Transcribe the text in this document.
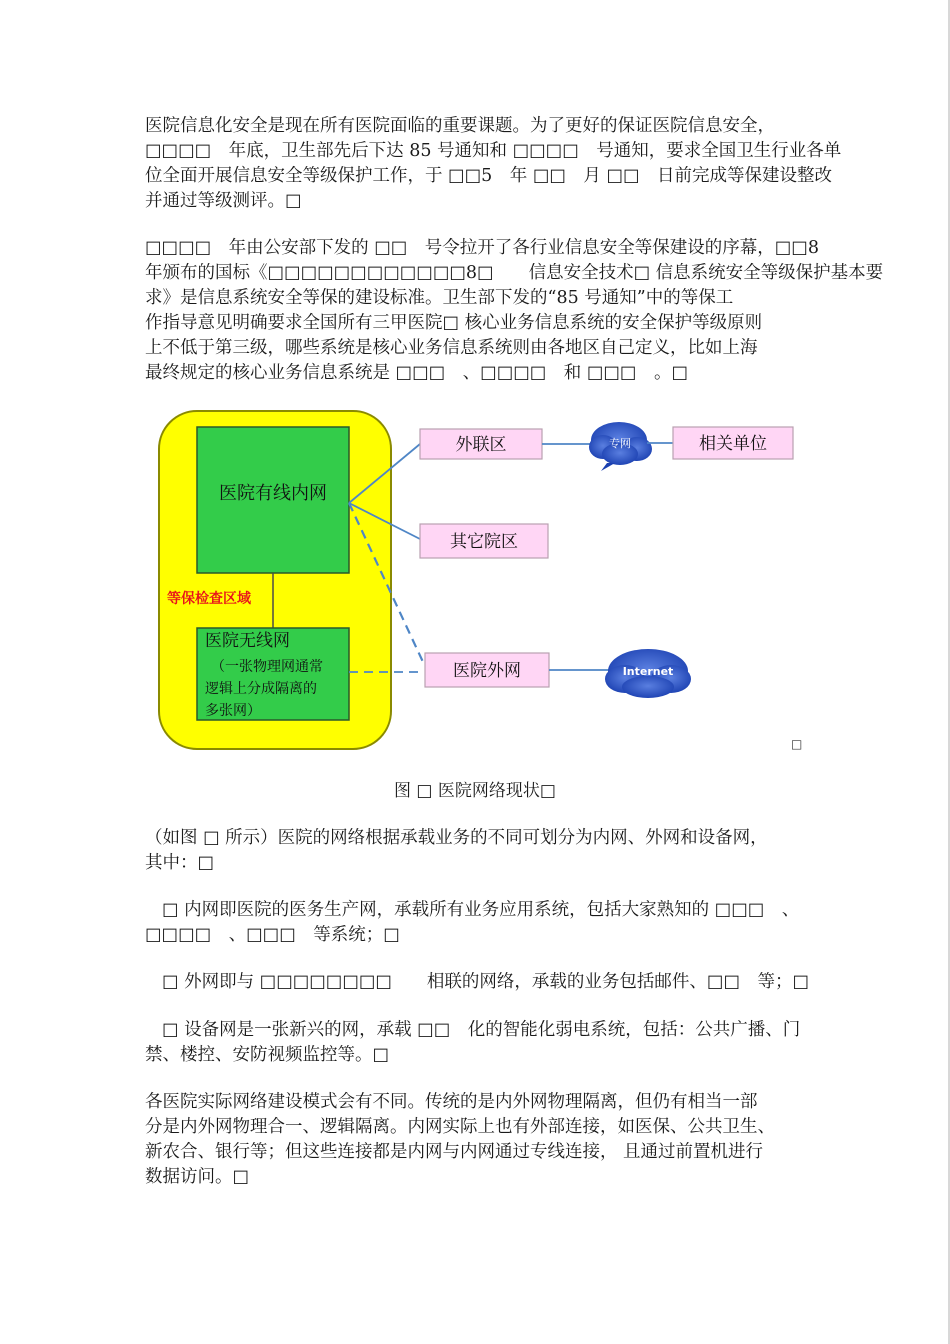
医院信息化安全是现在所有医院面临的重要课题。为了更好的保证医院信息安全，
□□□□　年底，卫生部先后下达 85 号通知和 □□□□　号通知，要求全国卫生行业各单
位全面开展信息安全等级保护工作，于 □□5　年 □□　月 □□　日前完成等保建设整改
并通过等级测评。□

□□□□　年由公安部下发的 □□　号令拉开了各行业信息安全等保建设的序幕，□□8
年颁布的国标《□□□□□□□□□□□□8□　　信息安全技术□ 信息系统安全等级保护基本要
求》是信息系统安全等保的建设标准。卫生部下发的“85 号通知”中的等保工
作指导意见明确要求全国所有三甲医院□ 核心业务信息系统的安全保护等级原则
上不低于第三级，哪些系统是核心业务信息系统则由各地区自己定义，比如上海
最终规定的核心业务信息系统是 □□□　、□□□□　和 □□□　。□

医院有线内网
等保检查区域
医院无线网
（一张物理网通常
逻辑上分成隔离的
多张网）
外联区
其它院区
医院外网
专网	相关单位
Internet
□
图 □ 医院网络现状□

（如图 □ 所示）医院的网络根据承载业务的不同可划分为内网、外网和设备网，
其中：□

□ 内网即医院的医务生产网，承载所有业务应用系统，包括大家熟知的 □□□　、
□□□□　、□□□　等系统；□

□ 外网即与 □□□□□□□□　　相联的网络，承载的业务包括邮件、□□　等；□

□ 设备网是一张新兴的网，承载 □□　化的智能化弱电系统，包括：公共广播、门
禁、楼控、安防视频监控等。□

各医院实际网络建设模式会有不同。传统的是内外网物理隔离，但仍有相当一部
分是内外网物理合一、逻辑隔离。内网实际上也有外部连接，如医保、公共卫生、
新农合、银行等；但这些连接都是内网与内网通过专线连接， 且通过前置机进行
数据访问。□
